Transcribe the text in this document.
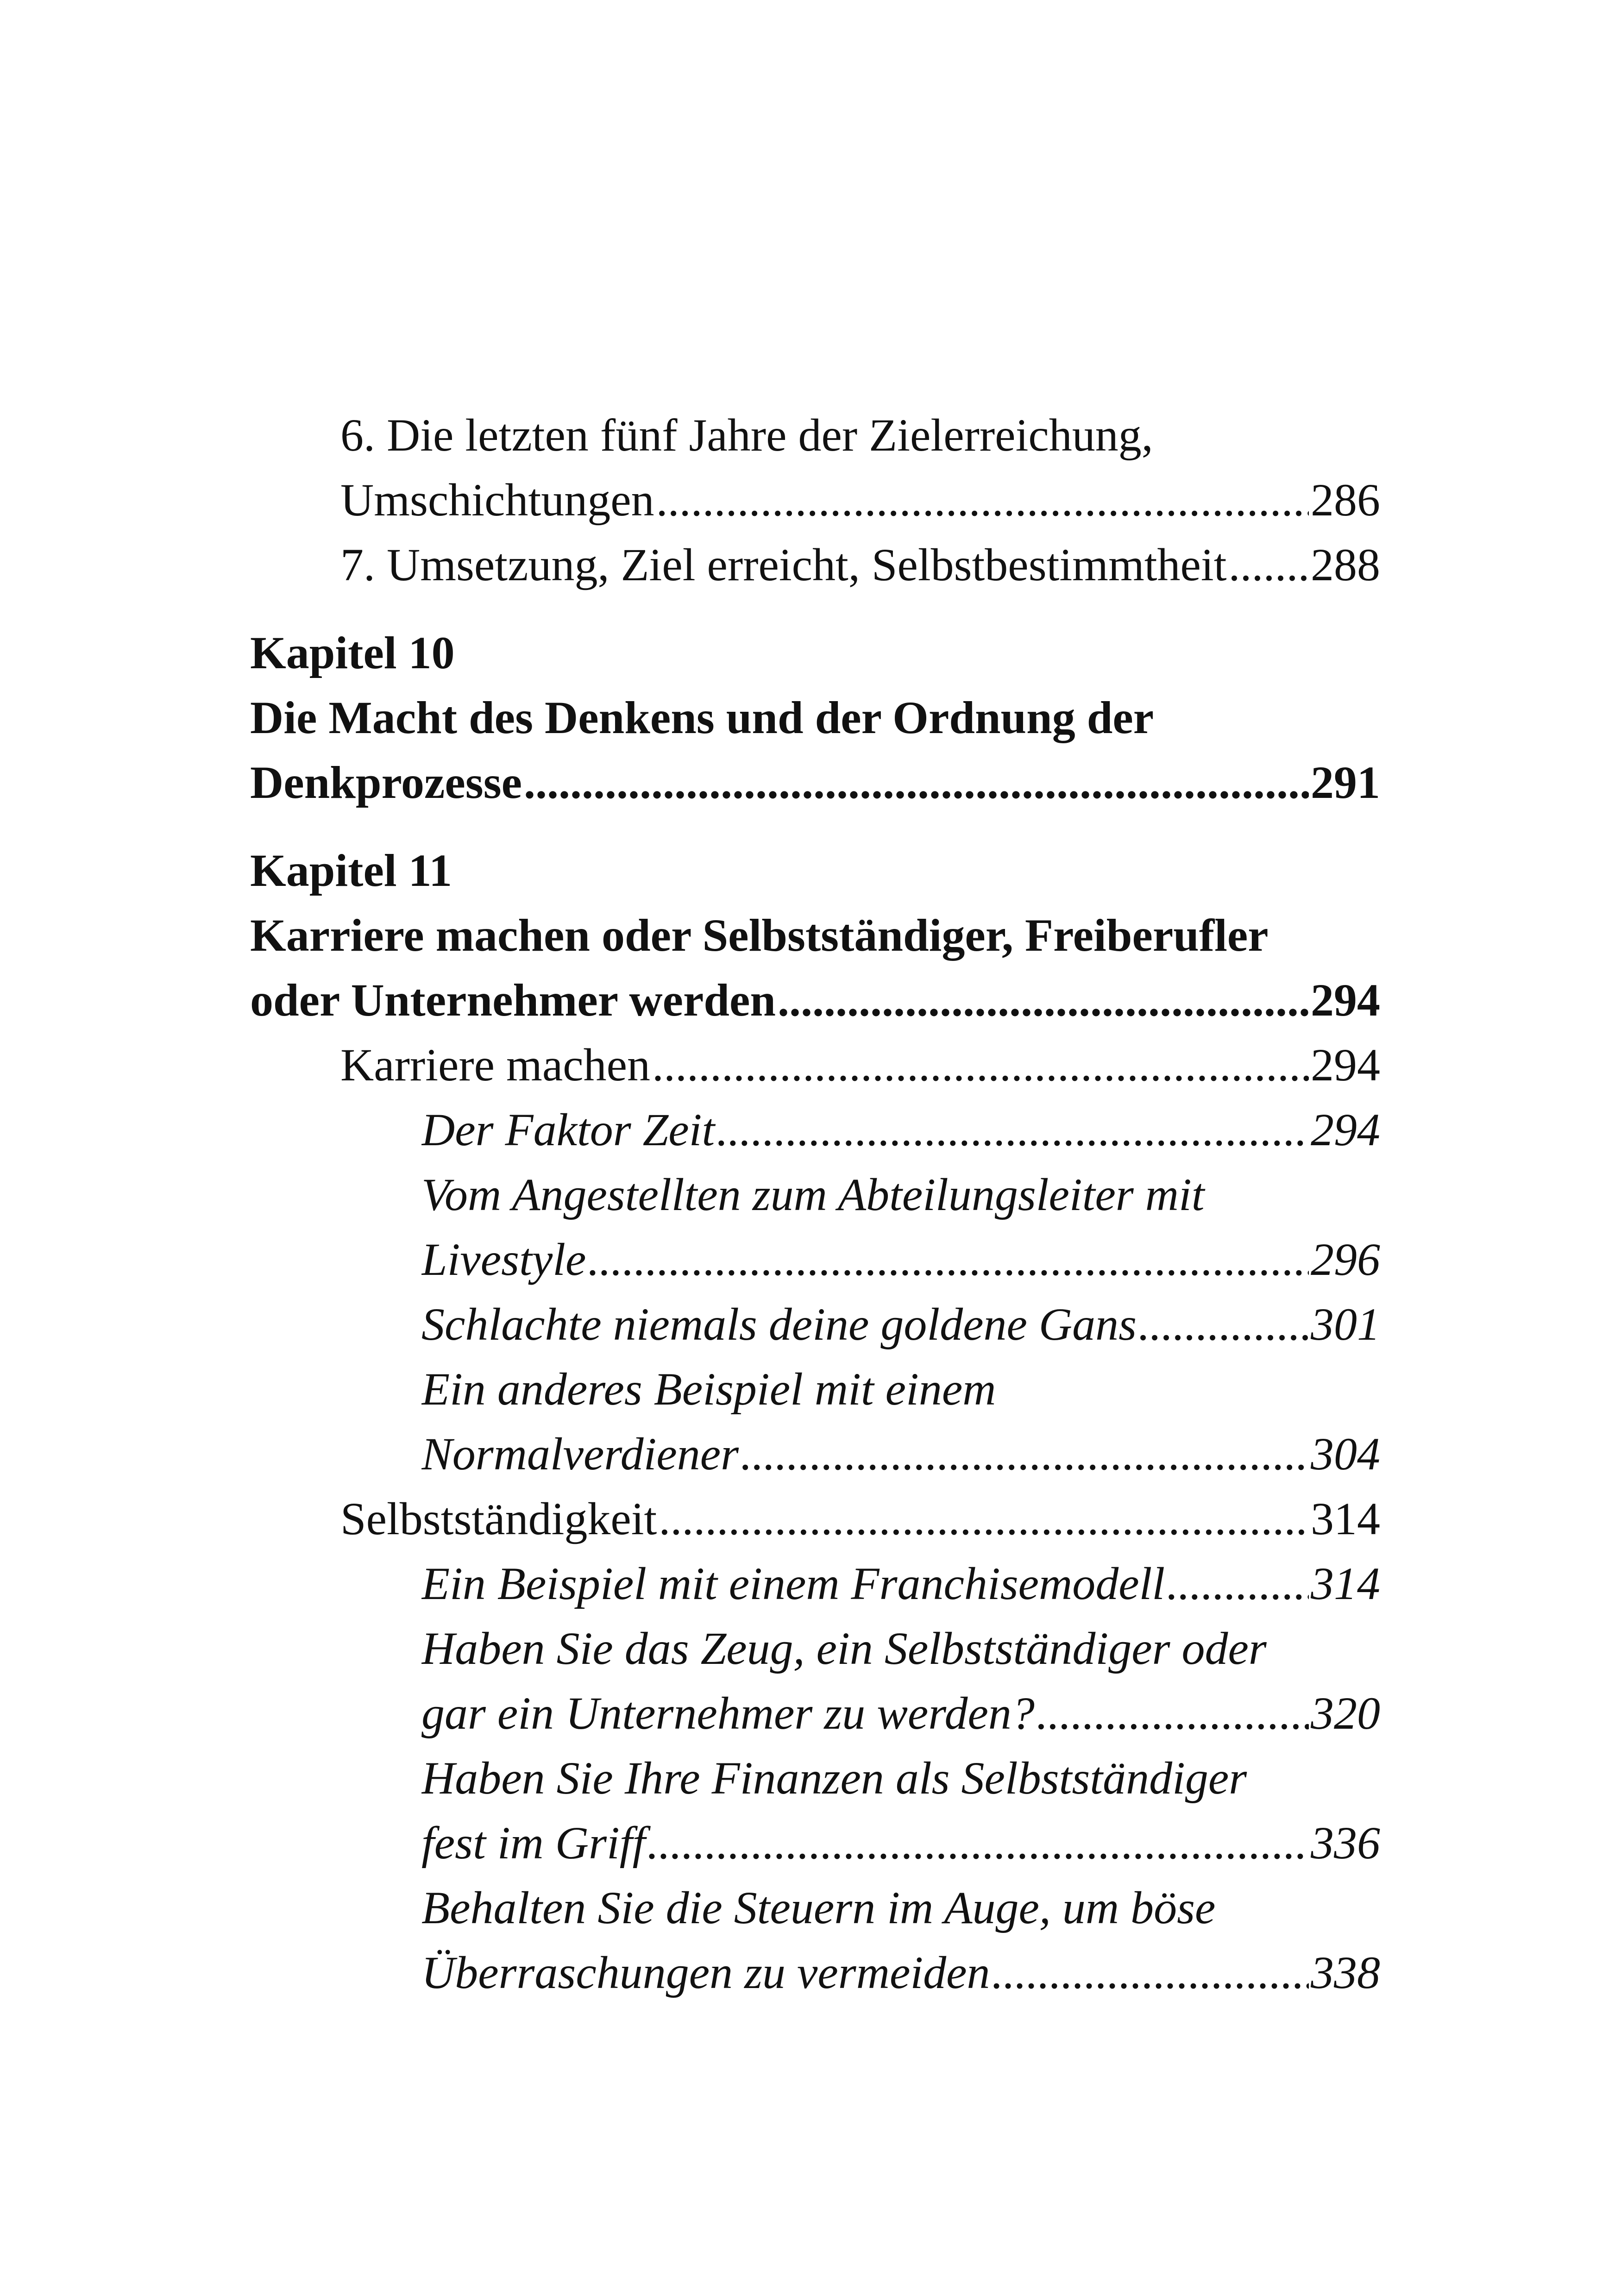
6. Die letzten fünf Jahre der Zielerreichung,
Umschichtungen .....	286
7. Umsetzung, Ziel erreicht, Selbstbestimmtheit ..... 288
Kapitel 10
Die Macht des Denkens und der Ordnung der
Denkprozesse .....	291
Kapitel 11
Karriere machen oder Selbstständiger, Freiberufler
oder Unternehmer werden .....	294
Karriere machen .....	294
Der Faktor Zeit .....	294
Vom Angestellten zum Abteilungsleiter mit
Livestyle .....	296
Schlachte niemals deine goldene Gans .....	301
Ein anderes Beispiel mit einem
Normalverdiener .....	304
Selbstständigkeit .....	314
Ein Beispiel mit einem Franchisemodell .....	314
Haben Sie das Zeug, ein Selbstständiger oder
gar ein Unternehmer zu werden? .....	320
Haben Sie Ihre Finanzen als Selbstständiger
fest im Griff .....	336
Behalten Sie die Steuern im Auge, um böse
Überraschungen zu vermeiden .....	338
